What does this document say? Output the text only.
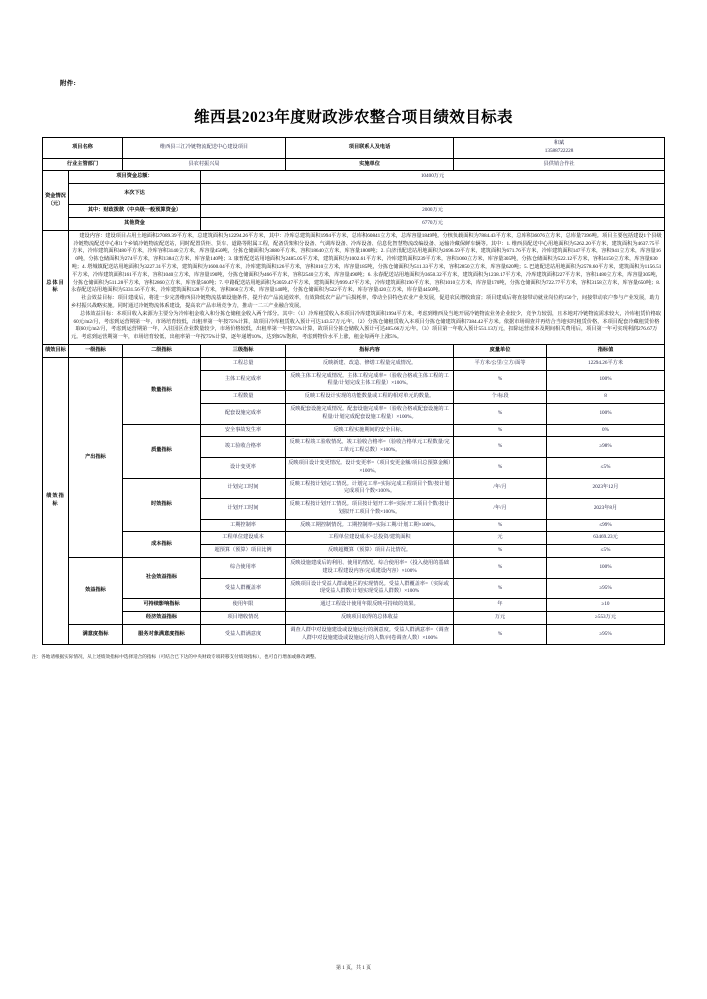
附件:
维西县2023年度财政涉农整合项目绩效目标表
项目名称		维西县三江冷链物流配送中心建设项目		项目联系人及电话	和斌
13588722228	
行业主管部门		县农村振兴局		实施单位	县供销合作社	
资金情况（元）	项目资金总额：		10400万元			
	本次下达					
	其中：财政拨款（中央级一般预算资金）		2000万元			
	其他资金		6770万元			
总体目标	建设内容：建设项目占用土地面积27089.39平方米，总建筑面积为12294.26平方米，其中：冷库总建筑面积1994平方米，总库积60841立方米，总库容量1849吨。分核负载面积为7884.43平方米，总库积36076立方米，总库量7396吨。项目主要包括建设1个县级冷链物流配送中心和1个乡镇冷链物流配送站，同时配置货柜、货车、道路等附属工程，配备货架积分设备、气调库设备、冷库设备、信息化智慧物流改编设备、运输冷藏保鲜车辆等。其中：1. 维西县配送中心用地面积为5262.20平方米，建筑面积为4637.75平方米，冷库建筑面积480平方米，冷库容积3140立方米，库容量450吨，分拣仓储面积为3880平方米，容积18640立方米，库容量1800吨；2. 白济汛配送站用地面积为2696.59平方米，建筑面积为671.76平方米，冷库建筑面积147平方米，容积941立方米，库容量160吨，分拣仓储面积为274平方米，容积1384立方米，库容量140吨；3. 康普配送站用地面积为2485.05平方米，建筑面积为1002.61平方米，冷库建筑面积239平方米，容积1060立方米，库容量305吨，分拣仓储面积为522.12平方米，容积4150立方米，库容量830吨；4. 塔城镇配送站用地面积为3227.31平方米，建筑面积为1600.04平方米，冷库建筑面积126平方米，容积810立方米，库容量185吨，分拣仓储面积为511.33平方米，容积2850立方米，库容量620吨；5. 巴迪配送站用地面积为2578.60平方米，建筑面积为1156.51平方米，冷库建筑面积161平方米，容积1040立方米，库容量190吨，分拣仓储面积为466平方米，容积2540立方米，库容量490吨；6. 永春配送站用地面积为3650.32平方米，建筑面积为1238.17平方米，冷库建筑面积227平方米，容积1480立方米，库容量305吨，分拣仓储面积为511.28平方米，容积2860立方米，库容量560吨；7. 中路配送站用地面积为3059.47平方米，建筑面积为999.47平方米，冷库建筑面积190平方米，容积1010立方米，库容量170吨，分拣仓储面积为722.77平方米，容积3158立方米，库容量650吨；8. 永春配送站用地面积为5331.56平方米，冷库建筑面积128平方米，容积860立方米，库容量140吨，分拣仓储面积为522平方米，库存容量420立方米，库存量4450吨。

社会效益目标：项目建成后，将进一步完善维西县冷链物流基础设施条件，提升农产品流通效率，有效降低农产品产后损耗率，带动全县特色农业产业发展，促进农民增收致富；项目建成后将直接带动就业岗位约150个，间接带动农户参与产业发展，助力乡村振兴战略实施。同时通过冷链物流体系建设，提高农产品市场竞争力，推动一二三产业融合发展。

总体效益目标：本项目收入来源为主要分为冷库租金收入和分拣仓储租金收入两个部分。其中：（1）冷库租赁收入本项目冷库建筑面积1994平方米。考虑到维西及当地开展冷链物流业务企业较少，竞争力较弱，且本地对冷链物流需求较大，冷库租赁价格取60元/m2/月，考虑到运营期第一年，市场培育较低，出租率第一年按75%计算，故项目冷库租赁收入预计可达143.57万元/年。（2）分拣仓储租赁收入本项目分拣仓储建筑面积7384.42平方米。依据市场调查并再结合当地实时租赁价格，本项目配套冷藏租赁价格取60元/m2/月，考虑到运营期第一年，入驻园区企业数量较少，市场价格较低，出租率第一年按75%计算，故项目分拣仓储收入预计可达405.66万元/年。（3）项目第一年收入预计551.13万元，扣除运营成本及期间相关费用后，项目第一年可实现利润276.67万元。考虑到运营期第一年，市场培育较低，出租率第一年按75%计算，逐年递增10%，达到95%饱和，考虑到物价水平上涨，租金每两年上涨5%。					

绩效目标	一级指标	二级指标	三级指标	指标内容	度量单位	指标值
绩效指标	产出指标	数量指标	工程总量	反映新建、改造、修缮工程量完成情况。	平方米/公里/立方/面等	12294.26平方米
			主体工程完成率	反映主体工程完成情况。主体工程完成率=（验收合格或主体工程的工程量/计划完成主体工程量）×100%。	%	100%
			工程数量	反映工程设计实现的功能数量或工程的相对单元的数量。	个/标段	8
			配套设施完成率	反映配套设施完成情况。配套设施完成率=（验收合格或配套设施的工程量/计划完成配套设施工程量）×100%。	%	100%
		质量指标	安全事故发生率	反映工程实施期间的安全目标。	%	0%
			竣工验收合格率	反映工程竣工验收情况。竣工验收合格率=（验收合格单元工程数量/完工单元工程总数）×100%。	%	≥98%
			设计变更率	反映项目设计变更情况。设计变更率=（项目变更金额/项目总预算金额）×100%。	%	≤5%
		时效指标	计划完工时间	反映工程按计划完工情况。计划完工率=实际完成工程项目个数/按计划完成项目个数×100%。	/年/月	2023年12月
			计划开工时间	反映工程按计划开工情况。项目按计划开工率=实际开工项目个数/按计划拟开工项目个数×100%。	/年/月	2023年8月
			工期控制率	反映工期控制情况。工期控制率=实际工期/计划工期×100%。	%	≤99%
		成本指标	工程单位建设成本	工程单位建设成本=总投资/建筑面积	元	63469.23元
			超预算（预算）项目比例	反映超概算（预算）项目占比情况。	%	≤5%
	效益指标	社会效益指标	综合使用率	反映设施建成后的利用、使用的情况。综合使用率=（投入使用的基础建设工程建设内容/完成建设内容）×100%	%	100%
			受益人群覆盖率	反映项目设计受益人群或地区的实现情况。受益人群覆盖率=（实际或现受益人群数/计划实现受益人群数）×100%	%	≥95%
		可持续影响指标	使用年限	通过工程设计使用年限反映可持续的效果。	年	≥10
		经济效益指标	项目增收情况	反映项目取得的总体收益	万元	≥553万元
	满意度指标	服务对象满意度指标	受益人群满意度	调查人群中对设施建设或设施运行的满意度。受益人群满意率=（调查人群中对设施建设或设施运行的人数/问卷调查人数）×100%	%	≥95%
注：各地请根据实际情况，从上述绩效指标中选择适合的指标（可结合已下达的中央财政专项转移支付绩效指标），也可自行增加或修改调整。
第 1 页，共 1 页
